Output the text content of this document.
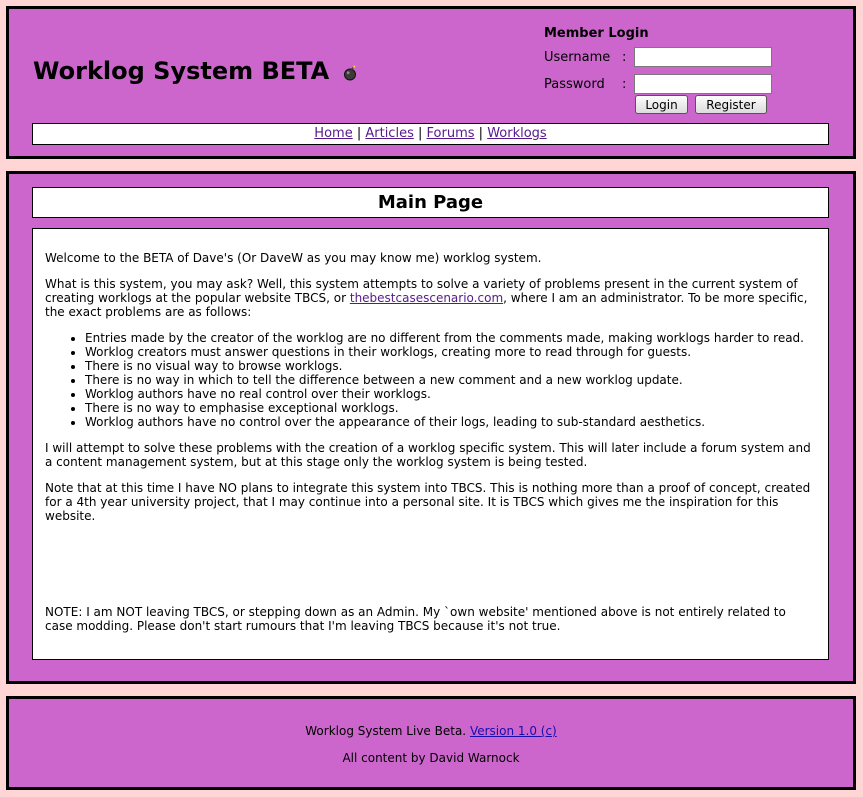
Worklog System BETA
Member Login
Username :
Password :
Login	Register
Home | Articles | Forums | Worklogs
Main Page

Welcome to the BETA of Dave's (Or DaveW as you may know me) worklog system.

What is this system, you may ask? Well, this system attempts to solve a variety of problems present in the current system of creating worklogs at the popular website TBCS, or thebestcasescenario.com, where I am an administrator. To be more specific, the exact problems are as follows:

• Entries made by the creator of the worklog are no different from the comments made, making worklogs harder to read.
• Worklog creators must answer questions in their worklogs, creating more to read through for guests.
• There is no visual way to browse worklogs.
• There is no way in which to tell the difference between a new comment and a new worklog update.
• Worklog authors have no real control over their worklogs.
• There is no way to emphasise exceptional worklogs.
• Worklog authors have no control over the appearance of their logs, leading to sub-standard aesthetics.

I will attempt to solve these problems with the creation of a worklog specific system. This will later include a forum system and a content management system, but at this stage only the worklog system is being tested.

Note that at this time I have NO plans to integrate this system into TBCS. This is nothing more than a proof of concept, created for a 4th year university project, that I may continue into a personal site. It is TBCS which gives me the inspiration for this website.

NOTE: I am NOT leaving TBCS, or stepping down as an Admin. My `own website' mentioned above is not entirely related to case modding. Please don't start rumours that I'm leaving TBCS because it's not true.

Worklog System Live Beta. Version 1.0 (c)
All content by David Warnock
